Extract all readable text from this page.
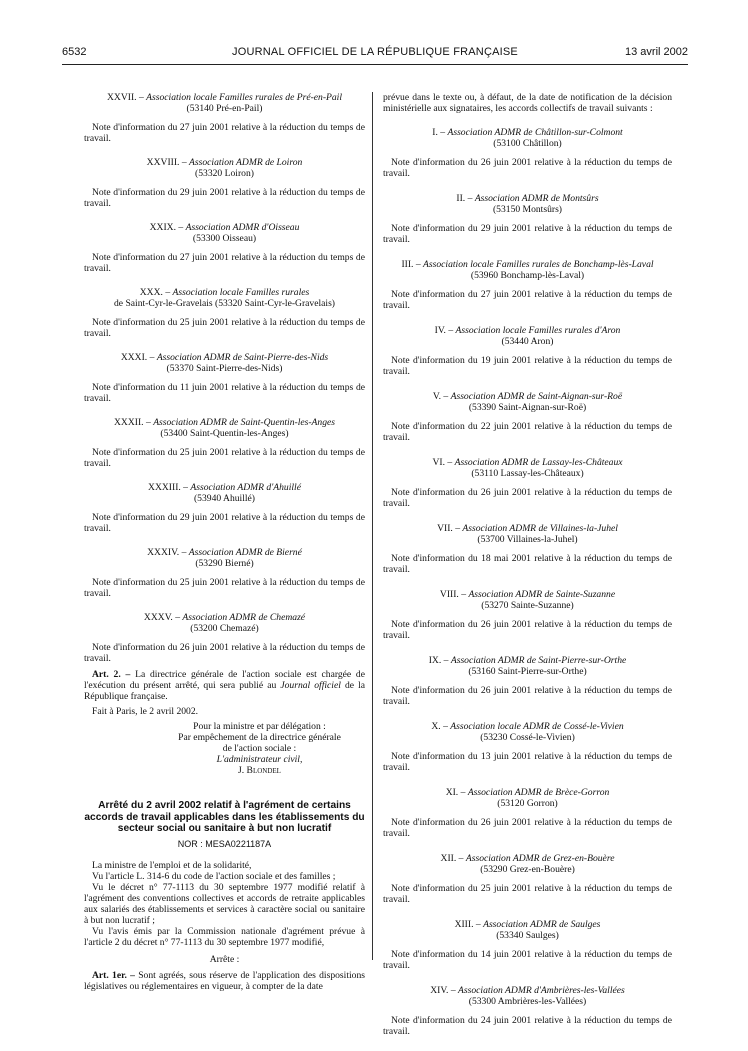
6532	JOURNAL OFFICIEL DE LA RÉPUBLIQUE FRANÇAISE	13 avril 2002

XXVII. – Association locale Familles rurales de Pré-en-Pail

(53140 Pré-en-Pail)

Note d'information du 27 juin 2001 relative à la réduction du temps de travail.

XXVIII. – Association ADMR de Loiron

(53320 Loiron)

Note d'information du 29 juin 2001 relative à la réduction du temps de travail.

XXIX. – Association ADMR d'Oisseau

(53300 Oisseau)

Note d'information du 27 juin 2001 relative à la réduction du temps de travail.

XXX. – Association locale Familles rurales

de Saint-Cyr-le-Gravelais (53320 Saint-Cyr-le-Gravelais)

Note d'information du 25 juin 2001 relative à la réduction du temps de travail.

XXXI. – Association ADMR de Saint-Pierre-des-Nids

(53370 Saint-Pierre-des-Nids)

Note d'information du 11 juin 2001 relative à la réduction du temps de travail.

XXXII. – Association ADMR de Saint-Quentin-les-Anges

(53400 Saint-Quentin-les-Anges)

Note d'information du 25 juin 2001 relative à la réduction du temps de travail.

XXXIII. – Association ADMR d'Ahuillé

(53940 Ahuillé)

Note d'information du 29 juin 2001 relative à la réduction du temps de travail.

XXXIV. – Association ADMR de Bierné

(53290 Bierné)

Note d'information du 25 juin 2001 relative à la réduction du temps de travail.

XXXV. – Association ADMR de Chemazé

(53200 Chemazé)

Note d'information du 26 juin 2001 relative à la réduction du temps de travail.

Art. 2. – La directrice générale de l'action sociale est chargée de l'exécution du présent arrêté, qui sera publié au Journal officiel de la République française.

Fait à Paris, le 2 avril 2002.

Pour la ministre et par délégation :

Par empêchement de la directrice générale

de l'action sociale :

L'administrateur civil,

J. Blondel

Arrêté du 2 avril 2002 relatif à l'agrément de certains accords de travail applicables dans les établissements du secteur social ou sanitaire à but non lucratif

NOR : MESA0221187A

La ministre de l'emploi et de la solidarité,

Vu l'article L. 314-6 du code de l'action sociale et des familles ;

Vu le décret n° 77-1113 du 30 septembre 1977 modifié relatif à l'agrément des conventions collectives et accords de retraite applicables aux salariés des établissements et services à caractère social ou sanitaire à but non lucratif ;

Vu l'avis émis par la Commission nationale d'agrément prévue à l'article 2 du décret n° 77-1113 du 30 septembre 1977 modifié,

Arrête :

Art. 1er. – Sont agréés, sous réserve de l'application des dispositions législatives ou réglementaires en vigueur, à compter de la date

prévue dans le texte ou, à défaut, de la date de notification de la décision ministérielle aux signataires, les accords collectifs de travail suivants :

I. – Association ADMR de Châtillon-sur-Colmont

(53100 Châtillon)

Note d'information du 26 juin 2001 relative à la réduction du temps de travail.

II. – Association ADMR de Montsûrs

(53150 Montsûrs)

Note d'information du 29 juin 2001 relative à la réduction du temps de travail.

III. – Association locale Familles rurales de Bonchamp-lès-Laval

(53960 Bonchamp-lès-Laval)

Note d'information du 27 juin 2001 relative à la réduction du temps de travail.

IV. – Association locale Familles rurales d'Aron

(53440 Aron)

Note d'information du 19 juin 2001 relative à la réduction du temps de travail.

V. – Association ADMR de Saint-Aignan-sur-Roë

(53390 Saint-Aignan-sur-Roë)

Note d'information du 22 juin 2001 relative à la réduction du temps de travail.

VI. – Association ADMR de Lassay-les-Châteaux

(53110 Lassay-les-Châteaux)

Note d'information du 26 juin 2001 relative à la réduction du temps de travail.

VII. – Association ADMR de Villaines-la-Juhel

(53700 Villaines-la-Juhel)

Note d'information du 18 mai 2001 relative à la réduction du temps de travail.

VIII. – Association ADMR de Sainte-Suzanne

(53270 Sainte-Suzanne)

Note d'information du 26 juin 2001 relative à la réduction du temps de travail.

IX. – Association ADMR de Saint-Pierre-sur-Orthe

(53160 Saint-Pierre-sur-Orthe)

Note d'information du 26 juin 2001 relative à la réduction du temps de travail.

X. – Association locale ADMR de Cossé-le-Vivien

(53230 Cossé-le-Vivien)

Note d'information du 13 juin 2001 relative à la réduction du temps de travail.

XI. – Association ADMR de Brèce-Gorron

(53120 Gorron)

Note d'information du 26 juin 2001 relative à la réduction du temps de travail.

XII. – Association ADMR de Grez-en-Bouère

(53290 Grez-en-Bouère)

Note d'information du 25 juin 2001 relative à la réduction du temps de travail.

XIII. – Association ADMR de Saulges

(53340 Saulges)

Note d'information du 14 juin 2001 relative à la réduction du temps de travail.

XIV. – Association ADMR d'Ambrières-les-Vallées

(53300 Ambrières-les-Vallées)

Note d'information du 24 juin 2001 relative à la réduction du temps de travail.
